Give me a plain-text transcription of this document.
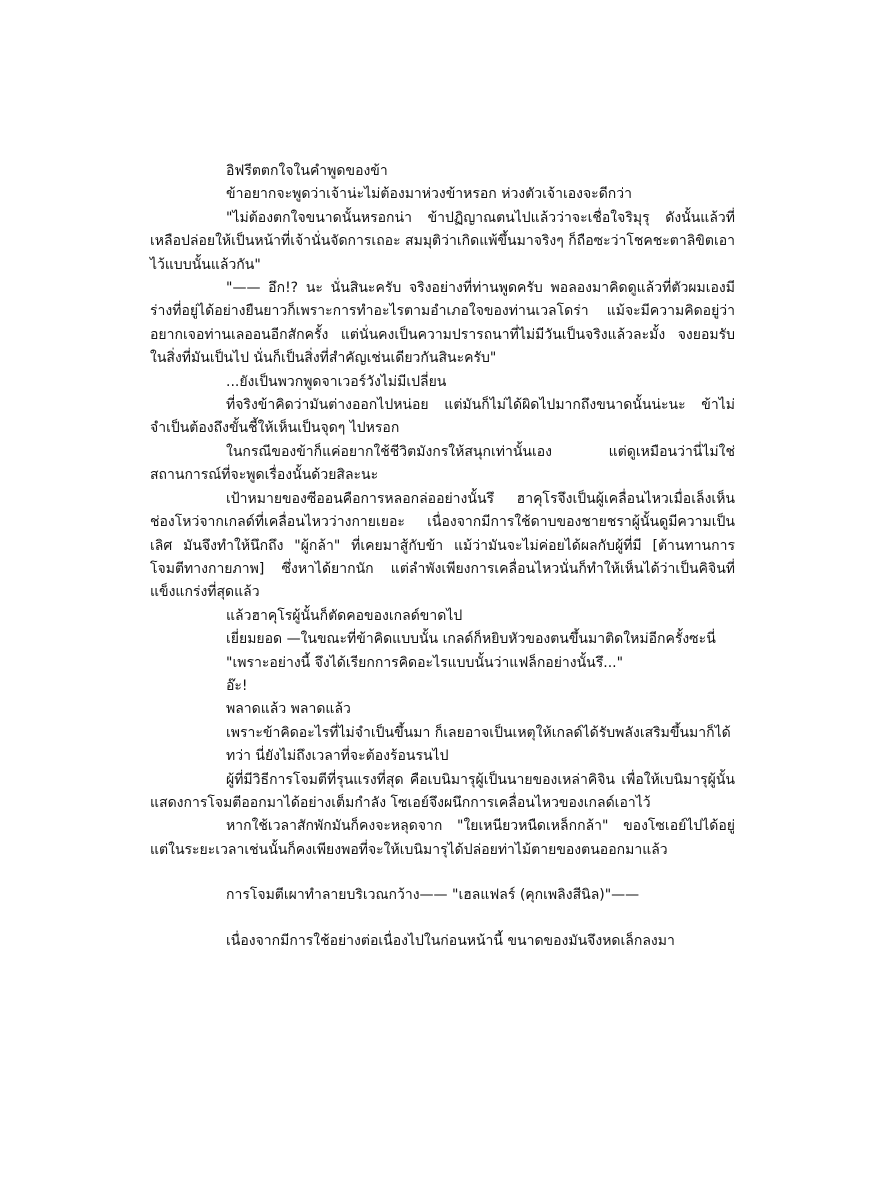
อิฟรีตตกใจในคำพูดของข้า

ข้าอยากจะพูดว่าเจ้าน่ะไม่ต้องมาห่วงข้าหรอก ห่วงตัวเจ้าเองจะดีกว่า

"ไม่ต้องตกใจขนาดนั้นหรอกน่า ข้าปฏิญาณตนไปแล้วว่าจะเชื่อใจริมุรุ ดังนั้นแล้วที่เหลือปล่อยให้เป็นหน้าที่เจ้านั่นจัดการเถอะ สมมุติว่าเกิดแพ้ขึ้นมาจริงๆ ก็ถือซะว่าโชคชะตาลิขิตเอาไว้แบบนั้นแล้วกัน"

"—— อึก!? นะ นั่นสินะครับ จริงอย่างที่ท่านพูดครับ พอลองมาคิดดูแล้วที่ตัวผมเองมีร่างที่อยู่ได้อย่างยืนยาวก็เพราะการทำอะไรตามอำเภอใจของท่านเวลโดร่า แม้จะมีความคิดอยู่ว่าอยากเจอท่านเลออนอีกสักครั้ง แต่นั่นคงเป็นความปรารถนาที่ไม่มีวันเป็นจริงแล้วละมั้ง จงยอมรับในสิ่งที่มันเป็นไป นั่นก็เป็นสิ่งที่สำคัญเช่นเดียวกันสินะครับ"

...ยังเป็นพวกพูดจาเวอร์วังไม่มีเปลี่ยน

ที่จริงข้าคิดว่ามันต่างออกไปหน่อย แต่มันก็ไม่ได้ผิดไปมากถึงขนาดนั้นน่ะนะ ข้าไม่จำเป็นต้องถึงขั้นชี้ให้เห็นเป็นจุดๆ ไปหรอก

ในกรณีของข้าก็แค่อยากใช้ชีวิตมังกรให้สนุกเท่านั้นเอง แต่ดูเหมือนว่านี่ไม่ใช่สถานการณ์ที่จะพูดเรื่องนั้นด้วยสิละนะ

เป้าหมายของซีออนคือการหลอกล่ออย่างนั้นรึ ฮาคุโรจึงเป็นผู้เคลื่อนไหวเมื่อเล็งเห็นช่องโหว่จากเกลด์ที่เคลื่อนไหวว่างกายเยอะ เนื่องจากมีการใช้ดาบของชายชราผู้นั้นดูมีความเป็นเลิศ มันจึงทำให้นึกถึง "ผู้กล้า" ที่เคยมาสู้กับข้า แม้ว่ามันจะไม่ค่อยได้ผลกับผู้ที่มี [ต้านทานการโจมตีทางกายภาพ] ซึ่งหาได้ยากนัก แต่ลำพังเพียงการเคลื่อนไหวนั่นก็ทำให้เห็นได้ว่าเป็นคิจินที่แข็งแกร่งที่สุดแล้ว

แล้วฮาคุโรผู้นั้นก็ตัดคอของเกลด์ขาดไป

เยี่ยมยอด —ในขณะที่ข้าคิดแบบนั้น เกลด์ก็หยิบหัวของตนขึ้นมาติดใหม่อีกครั้งซะนี่

"เพราะอย่างนี้ จึงได้เรียกการคิดอะไรแบบนั้นว่าแฟล็กอย่างนั้นรึ..."

อ๊ะ!

พลาดแล้ว พลาดแล้ว

เพราะข้าคิดอะไรที่ไม่จำเป็นขึ้นมา ก็เลยอาจเป็นเหตุให้เกลด์ได้รับพลังเสริมขึ้นมาก็ได้

ทว่า นี่ยังไม่ถึงเวลาที่จะต้องร้อนรนไป

ผู้ที่มีวิธีการโจมตีที่รุนแรงที่สุด คือเบนิมารุผู้เป็นนายของเหล่าคิจิน เพื่อให้เบนิมารุผู้นั้นแสดงการโจมตีออกมาได้อย่างเต็มกำลัง โซเอย์จึงผนึกการเคลื่อนไหวของเกลด์เอาไว้

หากใช้เวลาสักพักมันก็คงจะหลุดจาก "ใยเหนียวหนืดเหล็กกล้า" ของโซเอย์ไปได้อยู่ แต่ในระยะเวลาเช่นนั้นก็คงเพียงพอที่จะให้เบนิมารุได้ปล่อยท่าไม้ตายของตนออกมาแล้ว

การโจมตีเผาทำลายบริเวณกว้าง—— "เฮลแฟลร์ (คุกเพลิงสีนิล)"——

เนื่องจากมีการใช้อย่างต่อเนื่องไปในก่อนหน้านี้ ขนาดของมันจึงหดเล็กลงมา
